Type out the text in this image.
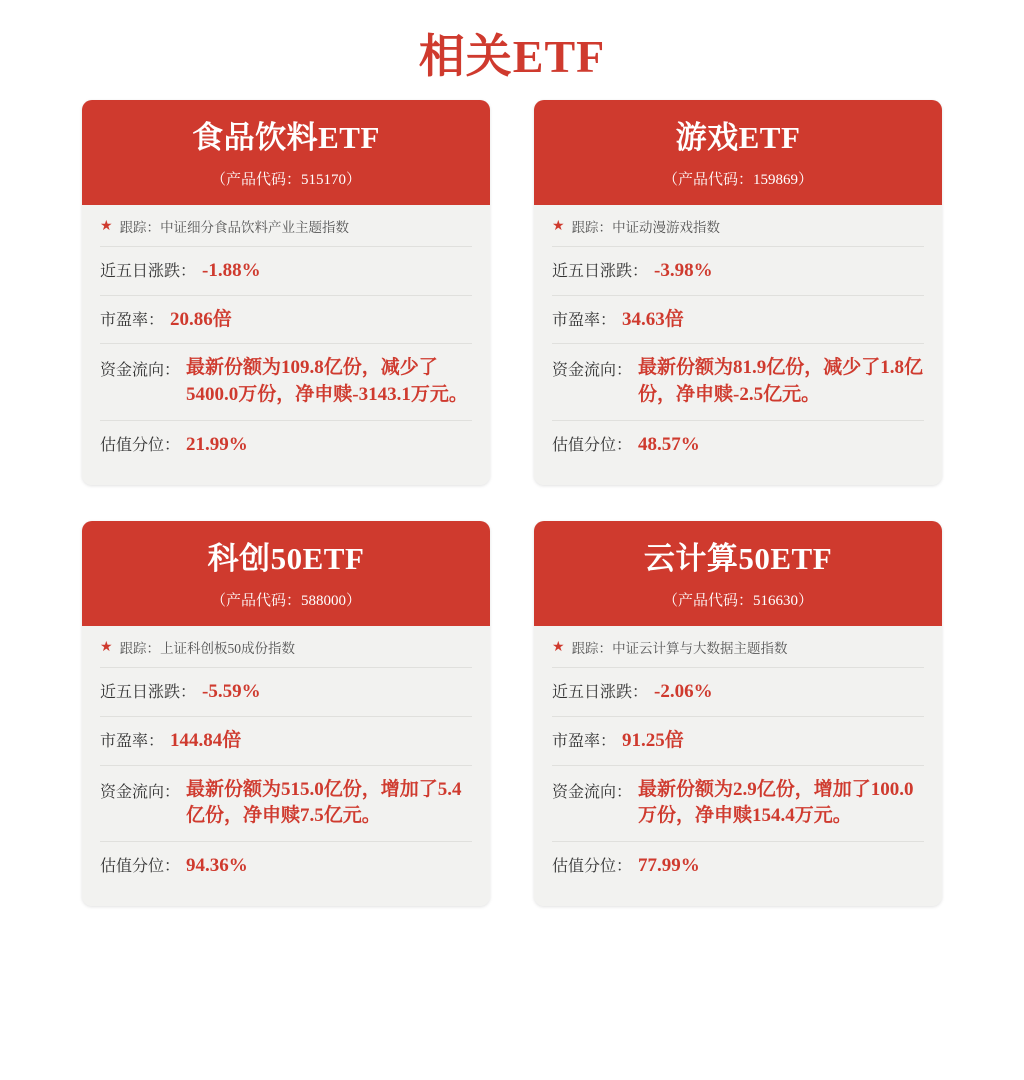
相关ETF
食品饮料ETF
（产品代码：515170）
★ 跟踪：中证细分食品饮料产业主题指数
近五日涨跌： -1.88%
市盈率： 20.86倍
资金流向： 最新份额为109.8亿份，减少了5400.0万份，净申赎-3143.1万元。
估值分位： 21.99%
游戏ETF
（产品代码：159869）
★ 跟踪：中证动漫游戏指数
近五日涨跌： -3.98%
市盈率： 34.63倍
资金流向： 最新份额为81.9亿份，减少了1.8亿份，净申赎-2.5亿元。
估值分位： 48.57%
科创50ETF
（产品代码：588000）
★ 跟踪：上证科创板50成份指数
近五日涨跌： -5.59%
市盈率： 144.84倍
资金流向： 最新份额为515.0亿份，增加了5.4亿份，净申赎7.5亿元。
估值分位： 94.36%
云计算50ETF
（产品代码：516630）
★ 跟踪：中证云计算与大数据主题指数
近五日涨跌： -2.06%
市盈率： 91.25倍
资金流向： 最新份额为2.9亿份，增加了100.0万份，净申赎154.4万元。
估值分位： 77.99%
